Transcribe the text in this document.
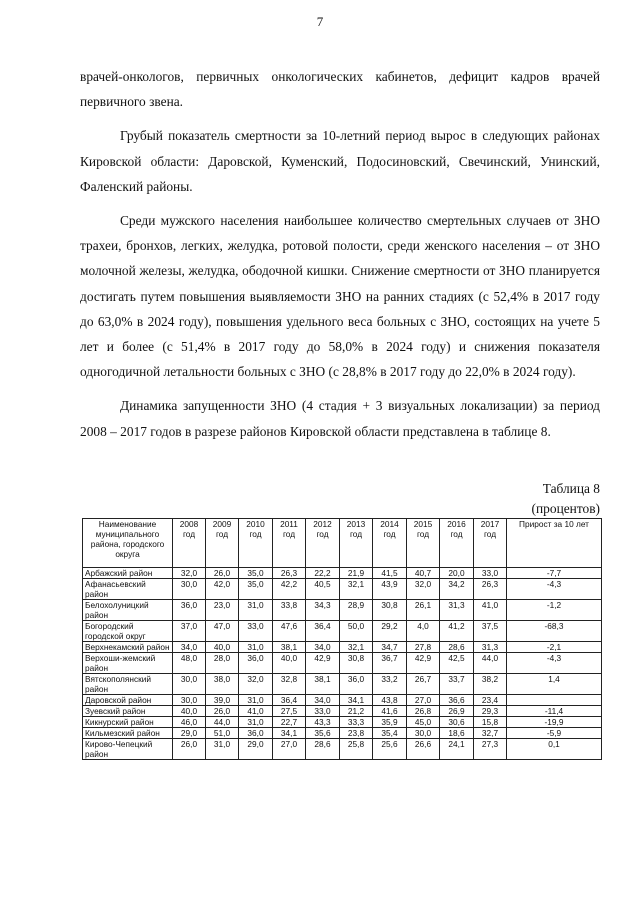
7

врачей-онкологов, первичных онкологических кабинетов, дефицит кадров врачей первичного звена.

Грубый показатель смертности за 10-летний период вырос в следующих районах Кировской области: Даровской, Куменский, Подосиновский, Свечинский, Унинский, Фаленский районы.

Среди мужского населения наибольшее количество смертельных случаев от ЗНО трахеи, бронхов, легких, желудка, ротовой полости, среди женского населения – от ЗНО молочной железы, желудка, ободочной кишки. Снижение смертности от ЗНО планируется достигать путем повышения выявляемости ЗНО на ранних стадиях (с 52,4% в 2017 году до 63,0% в 2024 году), повышения удельного веса больных с ЗНО, состоящих на учете 5 лет и более (с 51,4% в 2017 году до 58,0% в 2024 году) и снижения показателя одногодичной летальности больных с ЗНО (с 28,8% в 2017 году до 22,0% в 2024 году).

Динамика запущенности ЗНО (4 стадия + 3 визуальных локализации) за период 2008 – 2017 годов в разрезе районов Кировской области представлена в таблице 8.

Таблица 8
(процентов)
Наименование муниципального района, городского округа	2008 год	2009 год	2010 год	2011 год	2012 год	2013 год	2014 год	2015 год	2016 год	2017 год	Прирост за 10 лет
Арбажский район	32,0	26,0	35,0	26,3	22,2	21,9	41,5	40,7	20,0	33,0	-7,7
Афанасьевский район	30,0	42,0	35,0	42,2	40,5	32,1	43,9	32,0	34,2	26,3	-4,3
Белохолуницкий район	36,0	23,0	31,0	33,8	34,3	28,9	30,8	26,1	31,3	41,0	-1,2
Богородский городской округ	37,0	47,0	33,0	47,6	36,4	50,0	29,2	4,0	41,2	37,5	-68,3
Верхнекамский район	34,0	40,0	31,0	38,1	34,0	32,1	34,7	27,8	28,6	31,3	-2,1
Верхоши-жемский район	48,0	28,0	36,0	40,0	42,9	30,8	36,7	42,9	42,5	44,0	-4,3
Вятскополянский район	30,0	38,0	32,0	32,8	38,1	36,0	33,2	26,7	33,7	38,2	1,4
Даровской район	30,0	39,0	31,0	36,4	34,0	34,1	43,8	27,0	36,6	23,4	
Зуевский район	40,0	26,0	41,0	27,5	33,0	21,2	41,6	26,8	26,9	29,3	-11,4
Кикнурский район	46,0	44,0	31,0	22,7	43,3	33,3	35,9	45,0	30,6	15,8	-19,9
Кильмезский район	29,0	51,0	36,0	34,1	35,6	23,8	35,4	30,0	18,6	32,7	-5,9
Кирово-Чепецкий район	26,0	31,0	29,0	27,0	28,6	25,8	25,6	26,6	24,1	27,3	0,1
